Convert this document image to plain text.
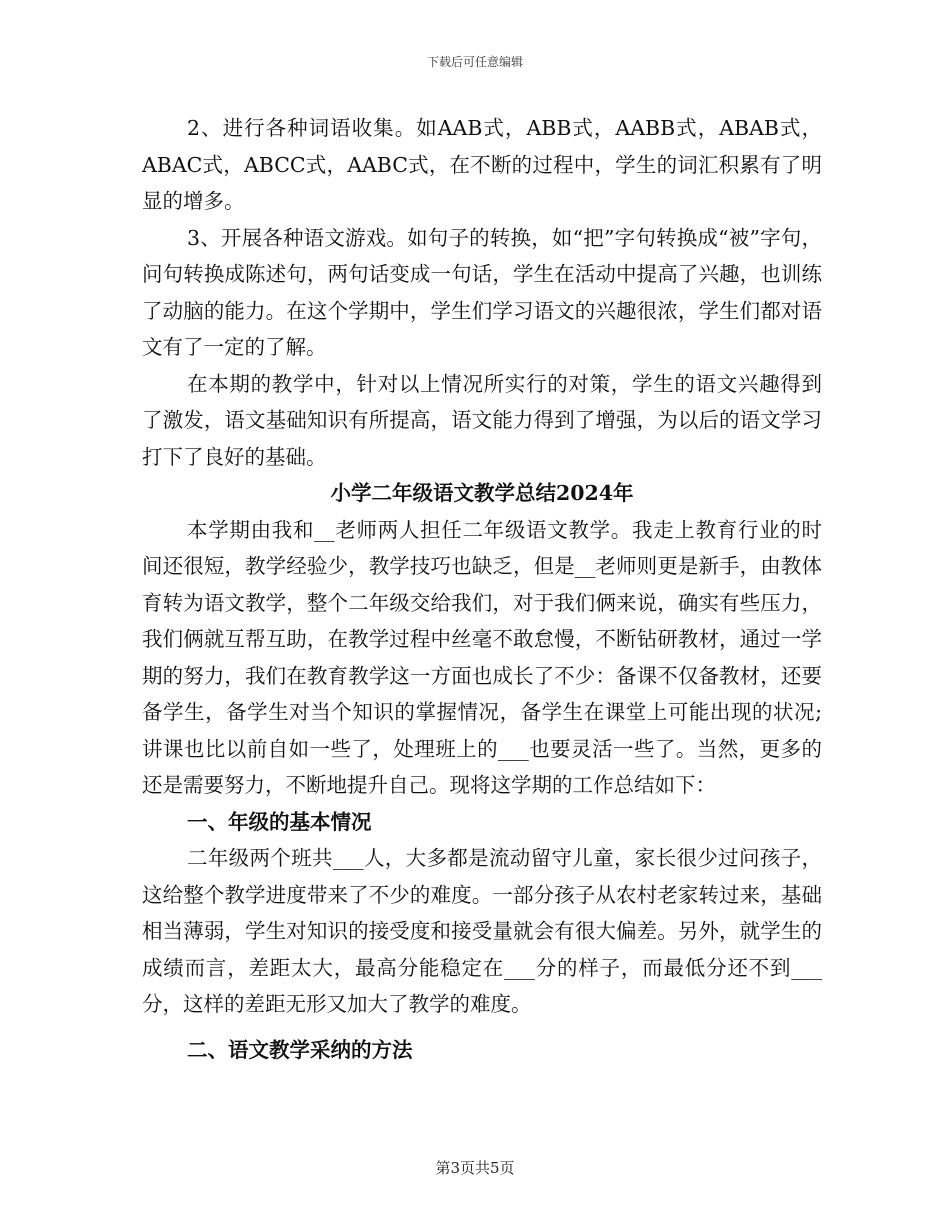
下载后可任意编辑

2、进行各种词语收集。如AAB式，ABB式，AABB式，ABAB式，ABAC式，ABCC式，AABC式，在不断的过程中，学生的词汇积累有了明显的增多。

3、开展各种语文游戏。如句子的转换，如“把”字句转换成“被”字句，问句转换成陈述句，两句话变成一句话，学生在活动中提高了兴趣，也训练了动脑的能力。在这个学期中，学生们学习语文的兴趣很浓，学生们都对语文有了一定的了解。

在本期的教学中，针对以上情况所实行的对策，学生的语文兴趣得到了激发，语文基础知识有所提高，语文能力得到了增强，为以后的语文学习打下了良好的基础。

小学二年级语文教学总结2024年

本学期由我和__老师两人担任二年级语文教学。我走上教育行业的时间还很短，教学经验少，教学技巧也缺乏，但是__老师则更是新手，由教体育转为语文教学，整个二年级交给我们，对于我们俩来说，确实有些压力，我们俩就互帮互助，在教学过程中丝毫不敢怠慢，不断钻研教材，通过一学期的努力，我们在教育教学这一方面也成长了不少：备课不仅备教材，还要备学生，备学生对当个知识的掌握情况，备学生在课堂上可能出现的状况;讲课也比以前自如一些了，处理班上的___也要灵活一些了。当然，更多的还是需要努力，不断地提升自己。现将这学期的工作总结如下：

一、年级的基本情况

二年级两个班共___人，大多都是流动留守儿童，家长很少过问孩子，这给整个教学进度带来了不少的难度。一部分孩子从农村老家转过来，基础相当薄弱，学生对知识的接受度和接受量就会有很大偏差。另外，就学生的成绩而言，差距太大，最高分能稳定在___分的样子，而最低分还不到___分，这样的差距无形又加大了教学的难度。

二、语文教学采纳的方法

第3页共5页
